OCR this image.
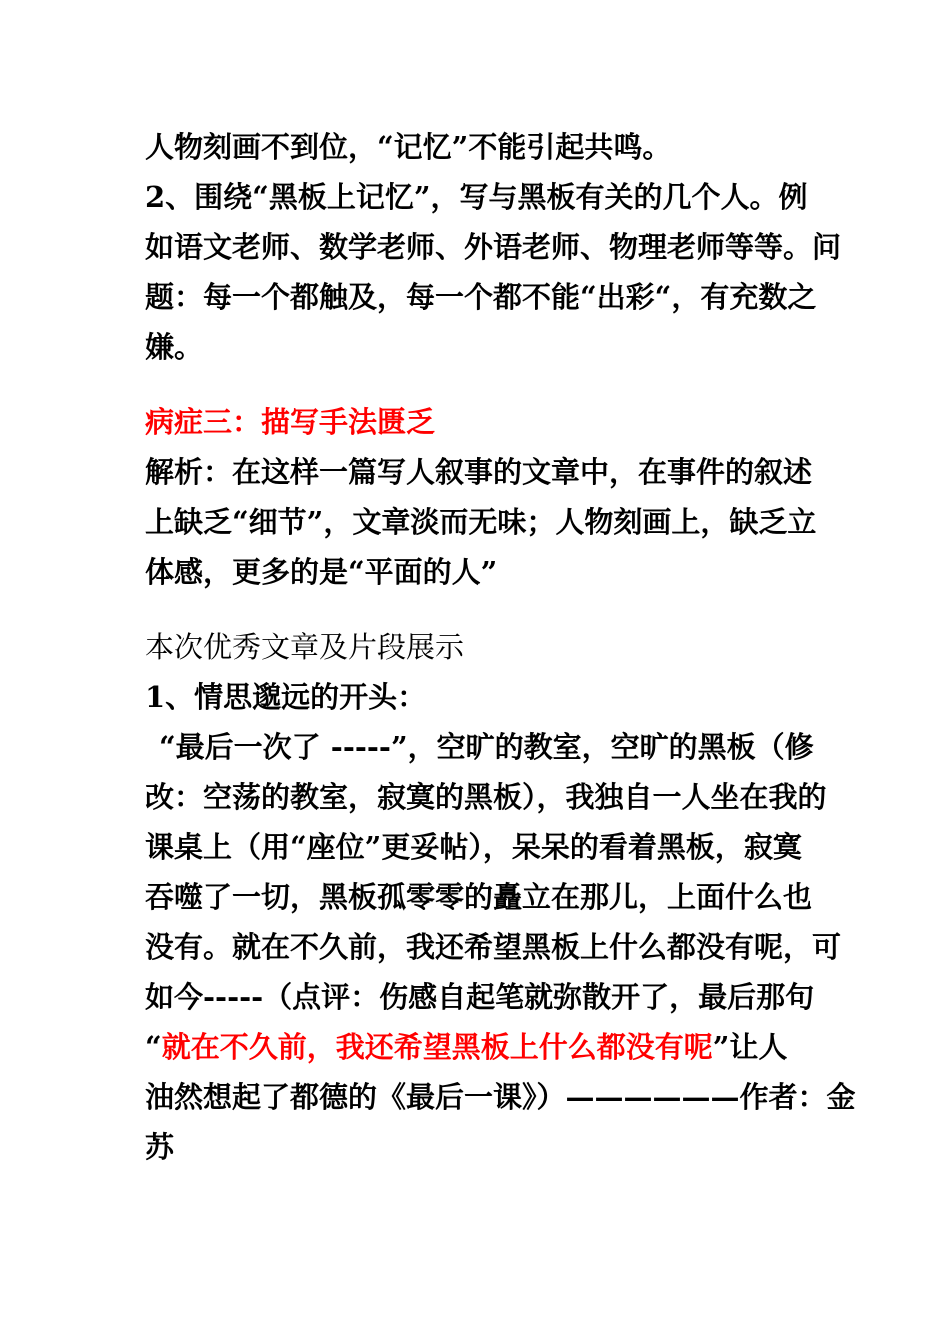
人物刻画不到位，“记忆”不能引起共鸣。
2、围绕“黑板上记忆”，写与黑板有关的几个人。例
如语文老师、数学老师、外语老师、物理老师等等。问
题：每一个都触及，每一个都不能“出彩“，有充数之
嫌。
病症三：描写手法匮乏
解析：在这样一篇写人叙事的文章中，在事件的叙述
上缺乏“细节”，文章淡而无味；人物刻画上，缺乏立
体感，更多的是“平面的人”
本次优秀文章及片段展示
1、情思邈远的开头：
“最后一次了 -----”，空旷的教室，空旷的黑板（修
改：空荡的教室，寂寞的黑板），我独自一人坐在我的
课桌上（用“座位”更妥帖），呆呆的看着黑板，寂寞
吞噬了一切，黑板孤零零的矗立在那儿，上面什么也
没有。就在不久前，我还希望黑板上什么都没有呢，可
如今-----（点评：伤感自起笔就弥散开了，最后那句
“就在不久前，我还希望黑板上什么都没有呢”让人
油然想起了都德的《最后一课》）——————作者：金
苏
